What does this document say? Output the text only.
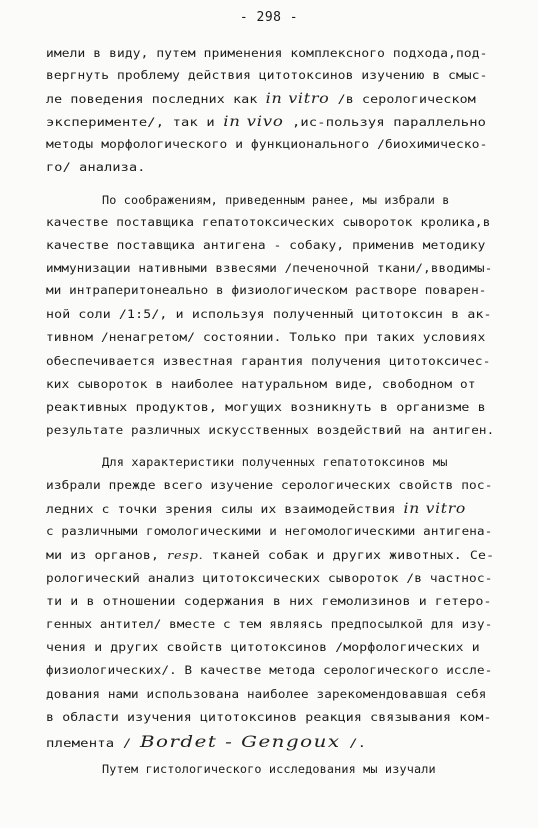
- 298 -
имели в виду, путем применения комплексного подхода,под-
вергнуть проблему действия цитотоксинов изучению в смыс-
ле поведения последних как in vitro /в серологическом
эксперименте/, так и in vivo ,ис-пользуя параллельно
методы морфологического и функционального /биохимическо-
го/ анализа.
По соображениям, приведенным ранее, мы избрали в
качестве поставщика гепатотоксических сывороток кролика,в
качестве поставщика антигена - собаку, применив методику
иммунизации нативными взвесями /печеночной ткани/,вводимы-
ми интраперитонеально в физиологическом растворе поварен-
ной соли /1:5/, и используя полученный цитотоксин в ак-
тивном /ненагретом/ состоянии. Только при таких условиях
обеспечивается известная гарантия получения цитотоксичес-
ких сывороток в наиболее натуральном виде, свободном от
реактивных продуктов, могущих возникнуть в организме в
результате различных искусственных воздействий на антиген.
Для характеристики полученных гепатотоксинов мы
избрали прежде всего изучение серологических свойств пос-
ледних с точки зрения силы их взаимодействия in vitro
с различными гомологическими и негомологическими антигена-
ми из органов, resp. тканей собак и других животных. Се-
рологический анализ цитотоксических сывороток /в частнос-
ти и в отношении содержания в них гемолизинов и гетеро-
генных антител/ вместе с тем являясь предпосылкой для изу-
чения и других свойств цитотоксинов /морфологических и
физиологических/. В качестве метода серологического иссле-
дования нами использована наиболее зарекомендовавшая себя
в области изучения цитотоксинов реакция связывания ком-
племента / Bordet - Gengoux /.
Путем гистологического исследования мы изучали
